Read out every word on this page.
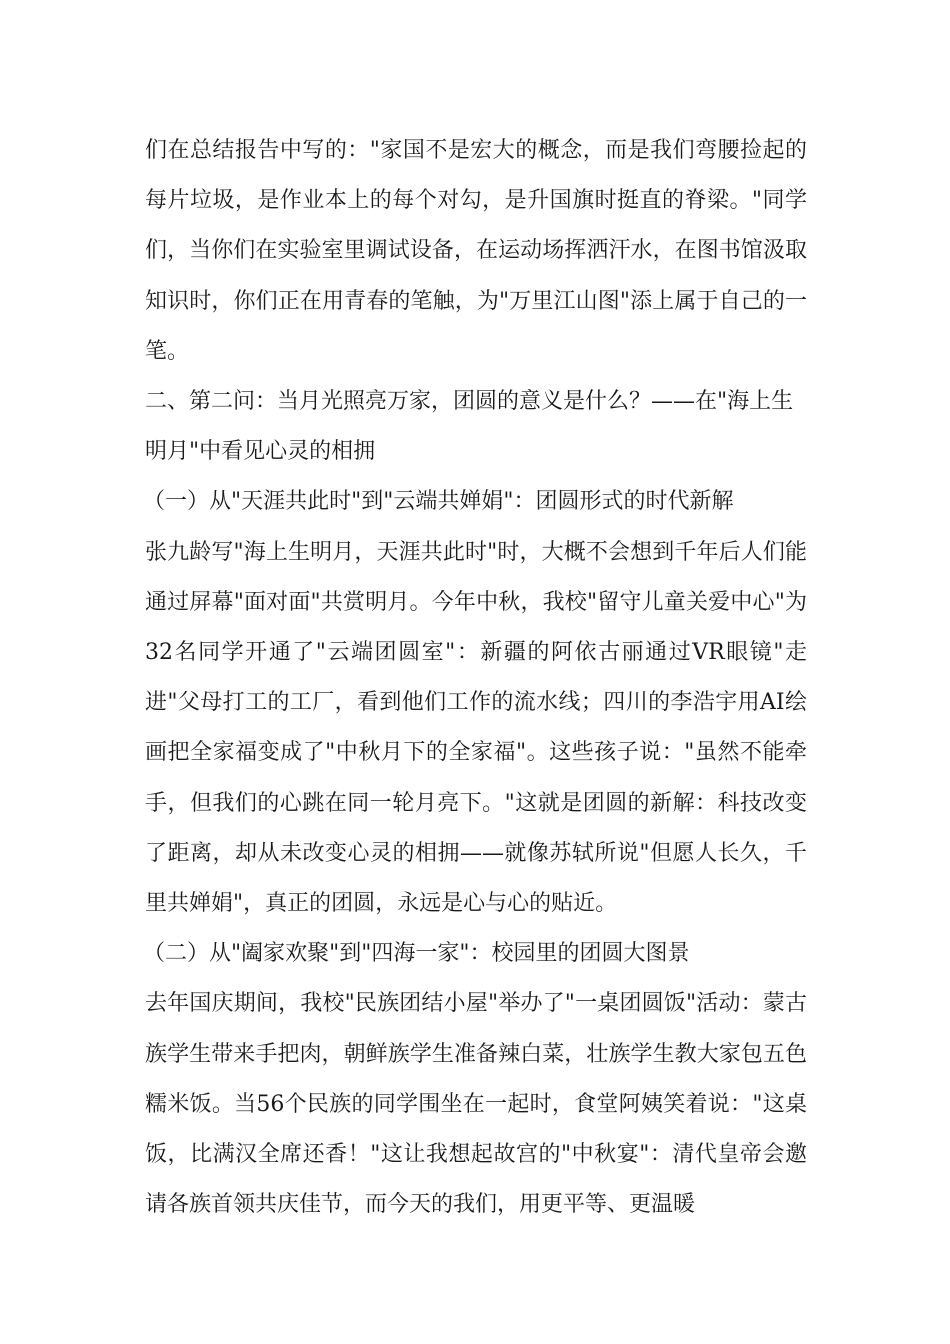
们在总结报告中写的："家国不是宏大的概念，而是我们弯腰捡起的每片垃圾，是作业本上的每个对勾，是升国旗时挺直的脊梁。"同学们，当你们在实验室里调试设备，在运动场挥洒汗水，在图书馆汲取知识时，你们正在用青春的笔触，为"万里江山图"添上属于自己的一笔。

二、第二问：当月光照亮万家，团圆的意义是什么？——在"海上生明月"中看见心灵的相拥

（一）从"天涯共此时"到"云端共婵娟"：团圆形式的时代新解

张九龄写"海上生明月，天涯共此时"时，大概不会想到千年后人们能通过屏幕"面对面"共赏明月。今年中秋，我校"留守儿童关爱中心"为32名同学开通了"云端团圆室"：新疆的阿依古丽通过VR眼镜"走进"父母打工的工厂，看到他们工作的流水线；四川的李浩宇用AI绘画把全家福变成了"中秋月下的全家福"。这些孩子说："虽然不能牵手，但我们的心跳在同一轮月亮下。"这就是团圆的新解：科技改变了距离，却从未改变心灵的相拥——就像苏轼所说"但愿人长久，千里共婵娟"，真正的团圆，永远是心与心的贴近。

（二）从"阖家欢聚"到"四海一家"：校园里的团圆大图景

去年国庆期间，我校"民族团结小屋"举办了"一桌团圆饭"活动：蒙古族学生带来手把肉，朝鲜族学生准备辣白菜，壮族学生教大家包五色糯米饭。当56个民族的同学围坐在一起时，食堂阿姨笑着说："这桌饭，比满汉全席还香！"这让我想起故宫的"中秋宴"：清代皇帝会邀请各族首领共庆佳节，而今天的我们，用更平等、更温暖
